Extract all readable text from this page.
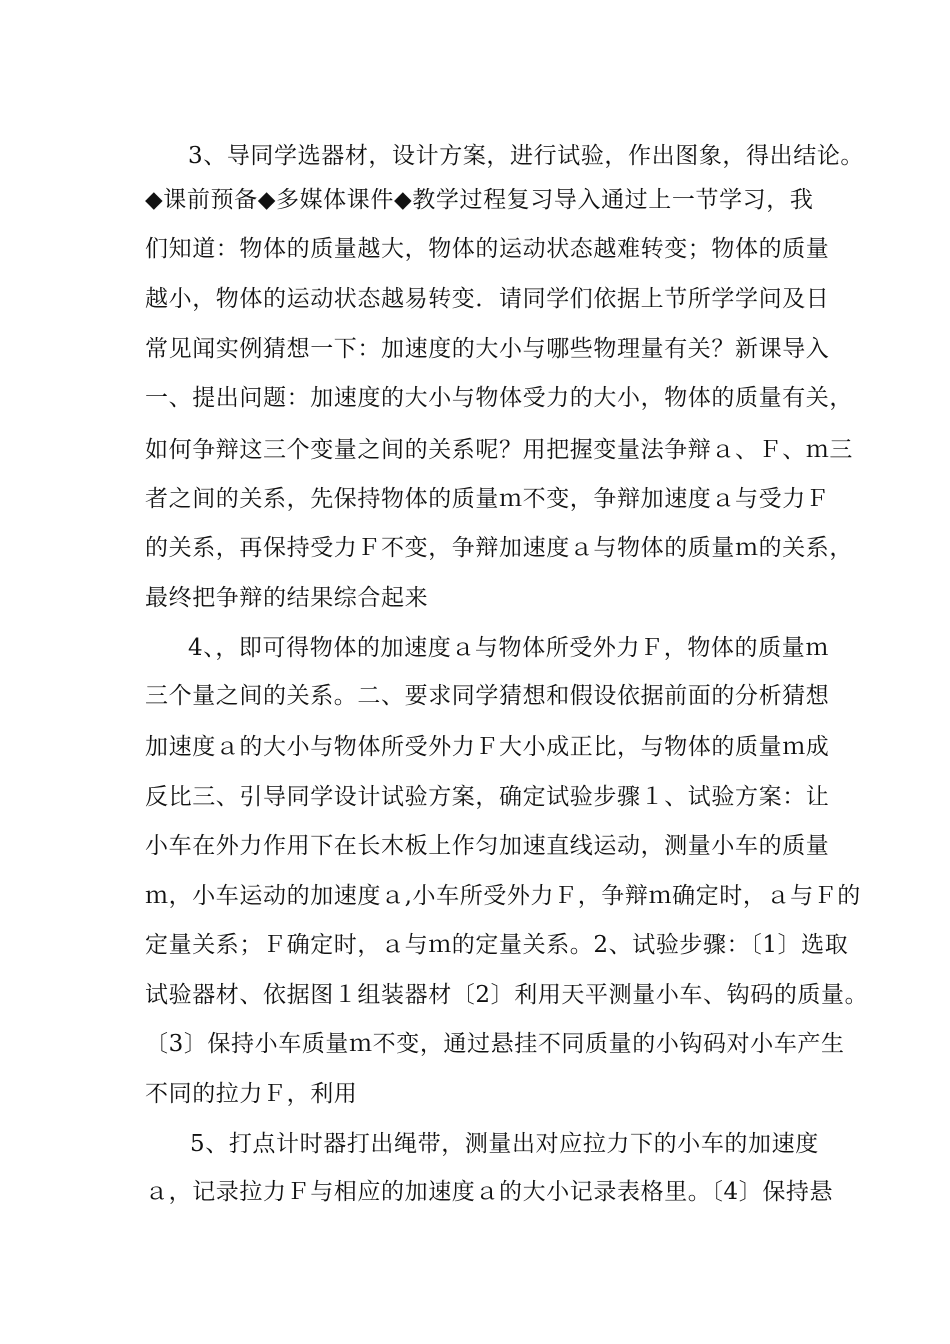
3、导同学选器材，设计方案，进行试验，作出图象，得出结论。
◆课前预备◆多媒体课件◆教学过程复习导入通过上一节学习，我
们知道：物体的质量越大，物体的运动状态越难转变；物体的质量
越小，物体的运动状态越易转变．请同学们依据上节所学学问及日
常见闻实例猜想一下：加速度的大小与哪些物理量有关？新课导入
一、提出问题：加速度的大小与物体受力的大小，物体的质量有关，
如何争辩这三个变量之间的关系呢？用把握变量法争辩ａ、Ｆ、ｍ三
者之间的关系，先保持物体的质量ｍ不变，争辩加速度ａ与受力Ｆ
的关系，再保持受力Ｆ不变，争辩加速度ａ与物体的质量ｍ的关系，
最终把争辩的结果综合起来
4、，即可得物体的加速度ａ与物体所受外力Ｆ，物体的质量ｍ
三个量之间的关系。二、要求同学猜想和假设依据前面的分析猜想
加速度ａ的大小与物体所受外力Ｆ大小成正比，与物体的质量ｍ成
反比三、引导同学设计试验方案，确定试验步骤１、试验方案：让
小车在外力作用下在长木板上作匀加速直线运动，测量小车的质量
ｍ，小车运动的加速度ａ,小车所受外力Ｆ，争辩ｍ确定时，ａ与Ｆ的
定量关系；Ｆ确定时，ａ与ｍ的定量关系。2、试验步骤：〔1〕选取
试验器材、依据图１组装器材〔2〕利用天平测量小车、钩码的质量。
〔3〕保持小车质量ｍ不变，通过悬挂不同质量的小钩码对小车产生
不同的拉力Ｆ，利用
5、打点计时器打出绳带，测量出对应拉力下的小车的加速度
ａ，记录拉力Ｆ与相应的加速度ａ的大小记录表格里。〔4〕保持悬
